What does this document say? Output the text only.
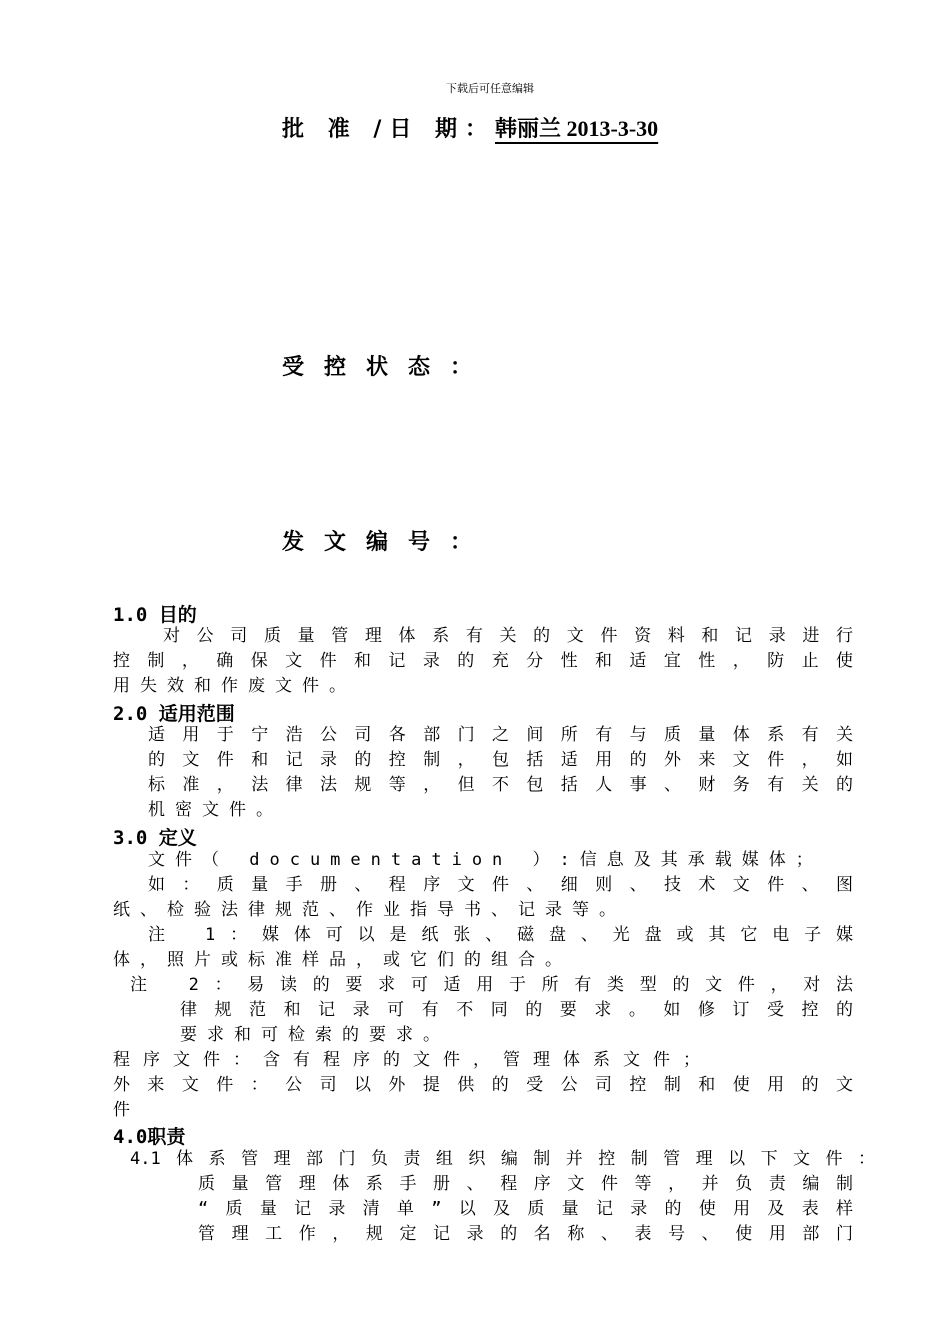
下载后可任意编辑
批 准 /日 期：韩丽兰 2013-3-30
受控状态：
发文编号：
1.0 目的
对公司质量管理体系有关的文件资料和记录进行
控制，确保文件和记录的充分性和适宜性，防止使
用失效和作废文件。
2.0 适用范围
适用于宁浩公司各部门之间所有与质量体系有关
的文件和记录的控制，包括适用的外来文件，如
标准，法律法规等，但不包括人事、财务有关的
机密文件。
3.0 定义
文件（ documentation ）:信息及其承载媒体；
如：质量手册、程序文件、细则、技术文件、图
纸、检验法律规范、作业指导书、记录等。
注 1：媒体可以是纸张、磁盘、光盘或其它电子媒
体，照片或标准样品，或它们的组合。
注 2：易读的要求可适用于所有类型的文件，对法
律规范和记录可有不同的要求。如修订受控的
要求和可检索的要求。
程序文件：含有程序的文件，管理体系文件；
外来文件：公司以外提供的受公司控制和使用的文
件
4.0职责
4.1体系管理部门负责组织编制并控制管理以下文件：
质量管理体系手册、程序文件等，并负责编制
“质量记录清单”以及质量记录的使用及表样
管理工作，规定记录的名称、表号、使用部门
